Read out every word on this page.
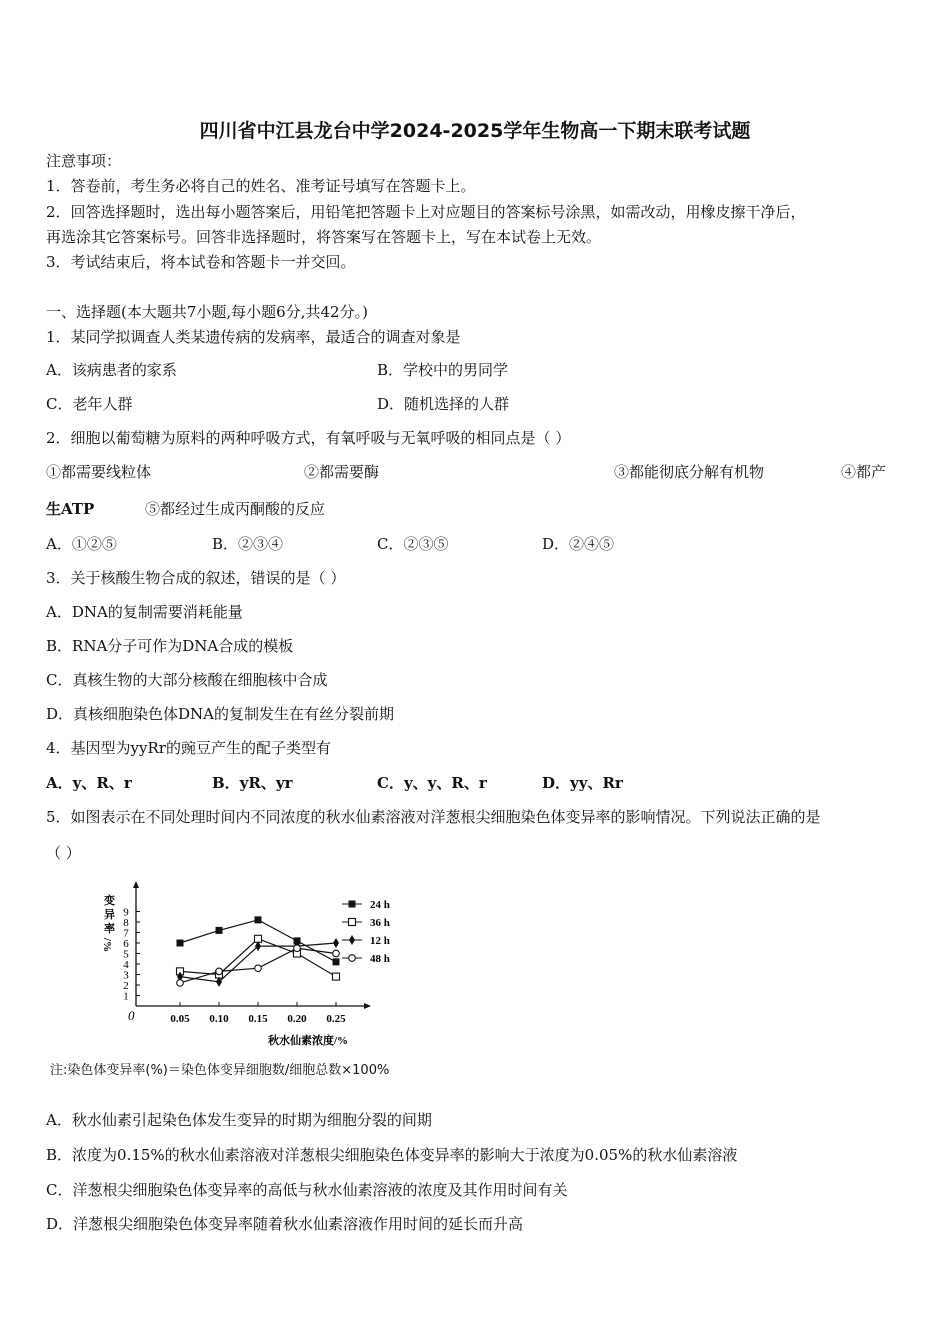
四川省中江县龙台中学2024-2025学年生物高一下期末联考试题
注意事项：
1．答卷前，考生务必将自己的姓名、准考证号填写在答题卡上。
2．回答选择题时，选出每小题答案后，用铅笔把答题卡上对应题目的答案标号涂黑，如需改动，用橡皮擦干净后，
再选涂其它答案标号。回答非选择题时，将答案写在答题卡上，写在本试卷上无效。
3．考试结束后，将本试卷和答题卡一并交回。
一、选择题(本大题共7小题,每小题6分,共42分。)
1．某同学拟调查人类某遗传病的发病率，最适合的调查对象是
A．该病患者的家系	B．学校中的男同学
C．老年人群	D．随机选择的人群
2．细胞以葡萄糖为原料的两种呼吸方式，有氧呼吸与无氧呼吸的相同点是（ ）
①都需要线粒体	②都需要酶	③都能彻底分解有机物	④都产
生ATP	⑤都经过生成丙酮酸的反应
A．①②⑤	B．②③④	C．②③⑤	D．②④⑤
3．关于核酸生物合成的叙述，错误的是（ ）
A．DNA的复制需要消耗能量
B．RNA分子可作为DNA合成的模板
C．真核生物的大部分核酸在细胞核中合成
D．真核细胞染色体DNA的复制发生在有丝分裂前期
4．基因型为yyRr的豌豆产生的配子类型有
A．y、R、r	B．yR、yr	C．y、y、R、r	D．yy、Rr
5．如图表示在不同处理时间内不同浓度的秋水仙素溶液对洋葱根尖细胞染色体变异率的影响情况。下列说法正确的是
（ ）
0
1
2
3
4
5
6
7
8
9
0.05 0.10 0.15 0.20 0.25
变
异
率
/%
秋水仙素浓度/%
24 h
36 h
12 h
48 h
注:染色体变异率(%)＝染色体变异细胞数/细胞总数×100%
A．秋水仙素引起染色体发生变异的时期为细胞分裂的间期
B．浓度为0.15%的秋水仙素溶液对洋葱根尖细胞染色体变异率的影响大于浓度为0.05%的秋水仙素溶液
C．洋葱根尖细胞染色体变异率的高低与秋水仙素溶液的浓度及其作用时间有关
D．洋葱根尖细胞染色体变异率随着秋水仙素溶液作用时间的延长而升高
